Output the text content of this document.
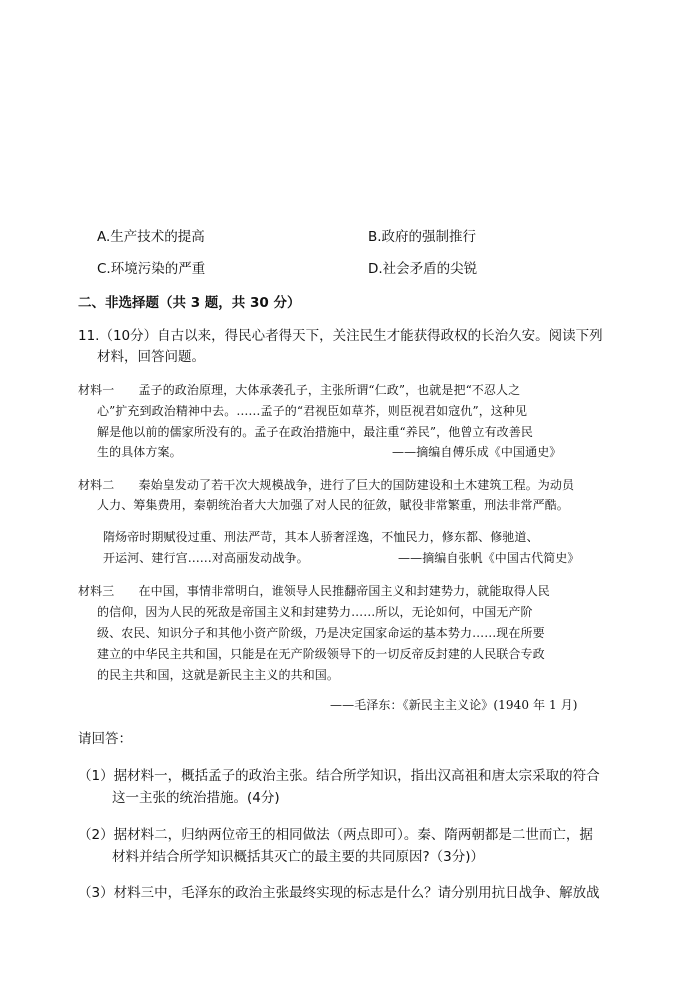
A.生产技术的提高	B.政府的强制推行
C.环境污染的严重	D.社会矛盾的尖锐
二、非选择题（共 3 题，共 30 分）
11.（10分）自古以来，得民心者得天下，关注民生才能获得政权的长治久安。阅读下列
材料，回答问题。
材料一　　孟子的政治原理，大体承袭孔子，主张所谓“仁政”，也就是把“不忍人之
心”扩充到政治精神中去。……孟子的“君视臣如草芥，则臣视君如寇仇”，这种见
解是他以前的儒家所没有的。孟子在政治措施中，最注重“养民”，他曾立有改善民
生的具体方案。	——摘编自傅乐成《中国通史》
材料二　　秦始皇发动了若干次大规模战争，进行了巨大的国防建设和土木建筑工程。为动员
人力、筹集费用，秦朝统治者大大加强了对人民的征敛，賦役非常繁重，刑法非常严酷。
隋炀帝时期赋役过重、刑法严苛，其本人骄奢淫逸，不恤民力，修东都、修驰道、
开运河、建行宫……对高丽发动战争。	——摘编自张帆《中国古代简史》
材料三　　在中国，事情非常明白，谁领导人民推翻帝国主义和封建势力，就能取得人民
的信仰，因为人民的死敌是帝国主义和封建势力……所以，无论如何，中国无产阶
级、农民、知识分子和其他小资产阶级，乃是决定国家命运的基本势力……现在所要
建立的中华民主共和国，只能是在无产阶级领导下的一切反帝反封建的人民联合专政
的民主共和国，这就是新民主主义的共和国。
——毛泽东：《新民主主义论》(1940 年 1 月)
请回答：
（1）据材料一，概括孟子的政治主张。结合所学知识，指出汉高祖和唐太宗采取的符合
这一主张的统治措施。(4分)
（2）据材料二，归纳两位帝王的相同做法（两点即可）。秦、隋两朝都是二世而亡，据
材料并结合所学知识概括其灭亡的最主要的共同原因?（3分)）
（3）材料三中，毛泽东的政治主张最终实现的标志是什么？请分别用抗日战争、解放战
